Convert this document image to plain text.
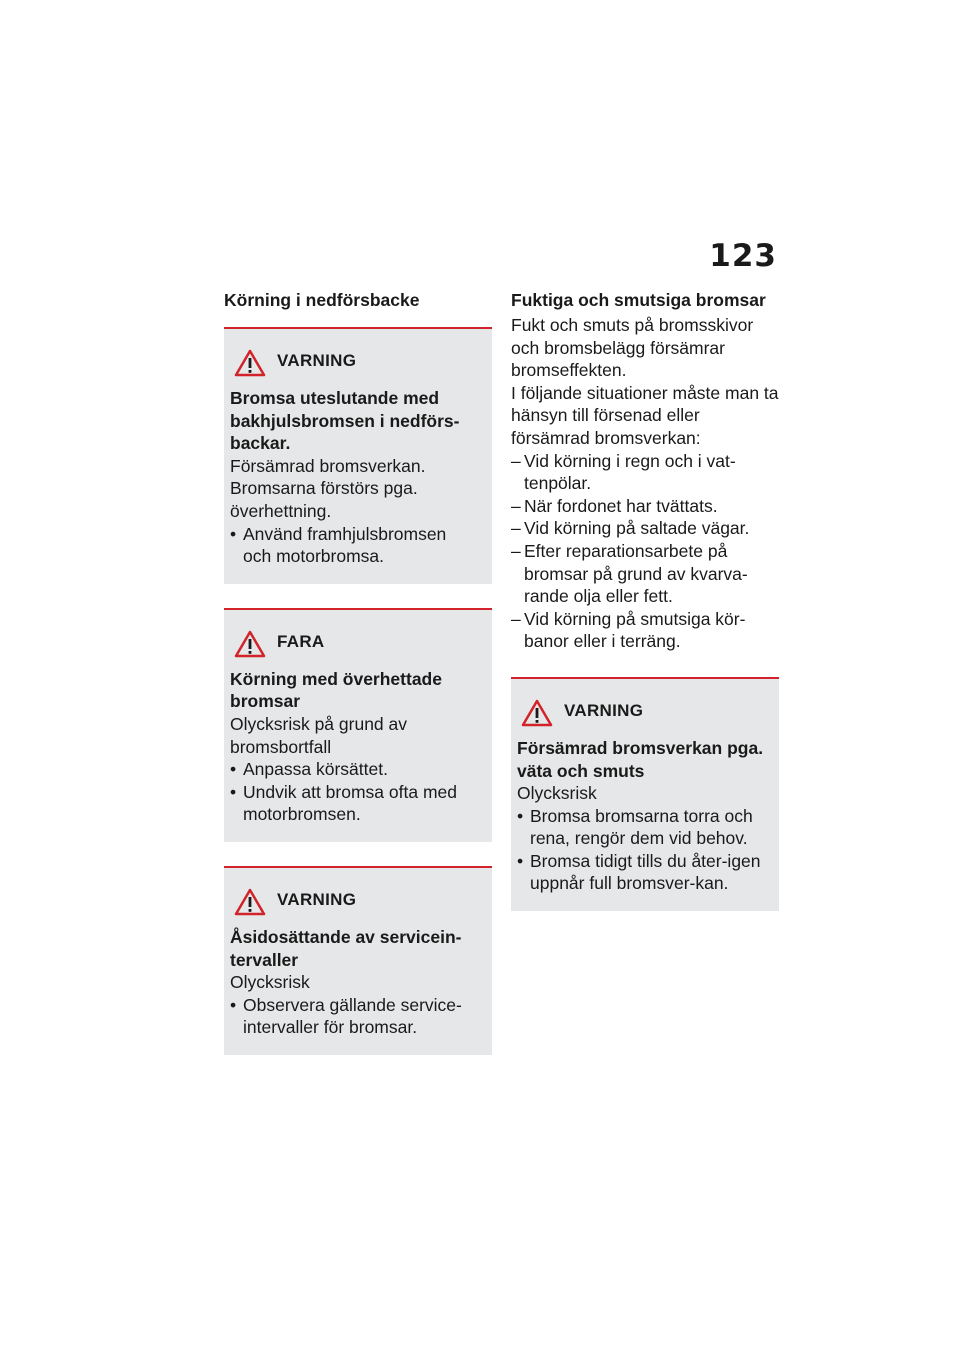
123
Körning i nedförsbacke
VARNING
Bromsa uteslutande med bakhjulsbromsen i nedförs-backar.
Försämrad bromsverkan. Bromsarna förstörs pga. överhettning.
• Använd framhjulsbromsen och motorbromsa.
FARA
Körning med överhettade bromsar
Olycksrisk på grund av bromsbortfall
• Anpassa körsättet.
• Undvik att bromsa ofta med motorbromsen.
VARNING
Åsidosättande av servicein-tervaller
Olycksrisk
• Observera gällande service-intervaller för bromsar.
Fuktiga och smutsiga bromsar
Fukt och smuts på bromsskivor och bromsbelägg försämrar bromseffekten.
I följande situationer måste man ta hänsyn till försenad eller försämrad bromsverkan:
– Vid körning i regn och i vat-tenpölar.
– När fordonet har tvättats.
– Vid körning på saltade vägar.
– Efter reparationsarbete på bromsar på grund av kvarva-rande olja eller fett.
– Vid körning på smutsiga kör-banor eller i terräng.
VARNING
Försämrad bromsverkan pga. väta och smuts
Olycksrisk
• Bromsa bromsarna torra och rena, rengör dem vid behov.
• Bromsa tidigt tills du åter-igen uppnår full bromsver-kan.
